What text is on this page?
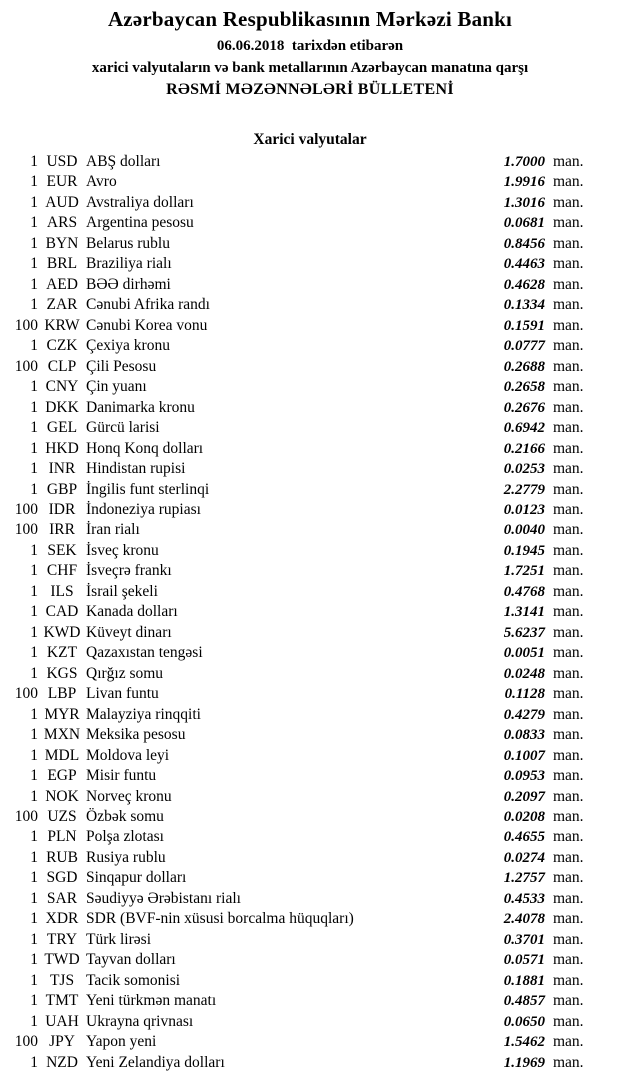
Azərbaycan Respublikasının Mərkəzi Bankı
06.06.2018  tarixdən etibarən
xarici valyutaların və bank metallarının Azərbaycan manatına qarşı
RƏSMİ MƏZƏNNƏLƏRİ BÜLLETENİ
Xarici valyutalar
1 USD ABŞ dolları	1.7000 man.
1 EUR Avro	1.9916 man.
1 AUD Avstraliya dolları	1.3016 man.
1 ARS Argentina pesosu	0.0681 man.
1 BYN Belarus rublu	0.8456 man.
1 BRL Braziliya rialı	0.4463 man.
1 AED BƏƏ dirhəmi	0.4628 man.
1 ZAR Cənubi Afrika randı	0.1334 man.
100 KRW Cənubi Korea vonu	0.1591 man.
1 CZK Çexiya kronu	0.0777 man.
100 CLP Çili Pesosu	0.2688 man.
1 CNY Çin yuanı	0.2658 man.
1 DKK Danimarka kronu	0.2676 man.
1 GEL Gürcü larisi	0.6942 man.
1 HKD Honq Konq dolları	0.2166 man.
1 INR Hindistan rupisi	0.0253 man.
1 GBP İngilis funt sterlinqi	2.2779 man.
100 IDR İndoneziya rupiası	0.0123 man.
100 IRR İran rialı	0.0040 man.
1 SEK İsveç kronu	0.1945 man.
1 CHF İsveçrə frankı	1.7251 man.
1 ILS İsrail şekeli	0.4768 man.
1 CAD Kanada dolları	1.3141 man.
1 KWD Küveyt dinarı	5.6237 man.
1 KZT Qazaxıstan tengəsi	0.0051 man.
1 KGS Qırğız somu	0.0248 man.
100 LBP Livan funtu	0.1128 man.
1 MYR Malayziya rinqqiti	0.4279 man.
1 MXN Meksika pesosu	0.0833 man.
1 MDL Moldova leyi	0.1007 man.
1 EGP Misir funtu	0.0953 man.
1 NOK Norveç kronu	0.2097 man.
100 UZS Özbək somu	0.0208 man.
1 PLN Polşa zlotası	0.4655 man.
1 RUB Rusiya rublu	0.0274 man.
1 SGD Sinqapur dolları	1.2757 man.
1 SAR Səudiyyə Ərəbistanı rialı	0.4533 man.
1 XDR SDR (BVF-nin xüsusi borcalma hüquqları)	2.4078 man.
1 TRY Türk lirəsi	0.3701 man.
1 TWD Tayvan dolları	0.0571 man.
1 TJS Tacik somonisi	0.1881 man.
1 TMT Yeni türkmən manatı	0.4857 man.
1 UAH Ukrayna qrivnası	0.0650 man.
100 JPY Yapon yeni	1.5462 man.
1 NZD Yeni Zelandiya dolları	1.1969 man.
